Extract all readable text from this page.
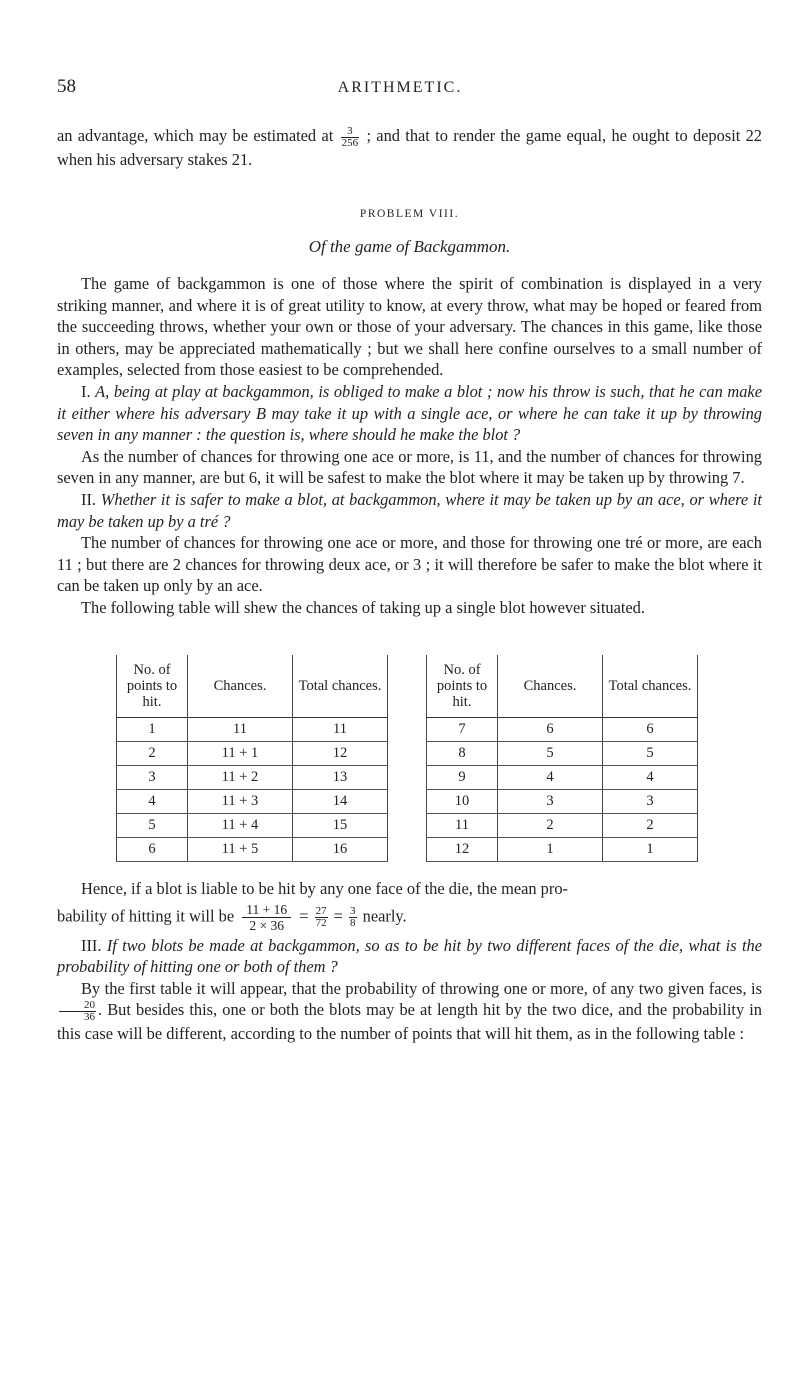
58	ARITHMETIC.

an advantage, which may be estimated at $\frac{3}{256}$ ; and that to render the game equal, he ought to deposit 22 when his adversary stakes 21.

PROBLEM VIII.
Of the game of Backgammon.

The game of backgammon is one of those where the spirit of combination is displayed in a very striking manner, and where it is of great utility to know, at every throw, what may be hoped or feared from the succeeding throws, whether your own or those of your adversary. The chances in this game, like those in others, may be appreciated mathematically ; but we shall here confine ourselves to a small number of examples, selected from those easiest to be comprehended.

I. A, being at play at backgammon, is obliged to make a blot ; now his throw is such, that he can make it either where his adversary B may take it up with a single ace, or where he can take it up by throwing seven in any manner : the question is, where should he make the blot ?

As the number of chances for throwing one ace or more, is 11, and the number of chances for throwing seven in any manner, are but 6, it will be safest to make the blot where it may be taken up by throwing 7.

II. Whether it is safer to make a blot, at backgammon, where it may be taken up by an ace, or where it may be taken up by a tré ?

The number of chances for throwing one ace or more, and those for throwing one tré or more, are each 11 ; but there are 2 chances for throwing deux ace, or 3 ; it will therefore be safer to make the blot where it can be taken up only by an ace.

The following table will shew the chances of taking up a single blot however situated.

No. of points to hit.	Chances.	Total chances.
1	11	11
2	11 + 1	12
3	11 + 2	13
4	11 + 3	14
5	11 + 4	15
6	11 + 5	16
No. of points to hit.	Chances.	Total chances.
7	6	6
8	5	5
9	4	4
10	3	3
11	2	2
12	1	1

Hence, if a blot is liable to be hit by any one face of the die, the mean pro-

bability of hitting it will be $\frac{11 + 16}{2 \times 36} = \frac{27}{72} = \frac{3}{8}$ nearly.

III. If two blots be made at backgammon, so as to be hit by two different faces of the die, what is the probability of hitting one or both of them ?

By the first table it will appear, that the probability of throwing one or more, of any two given faces, is
$\frac{20}{36}$ . But besides this, one or both the blots may be at length hit by the two dice, and the probability in this case will be different, according to the number of points that will hit them, as in the following table :
